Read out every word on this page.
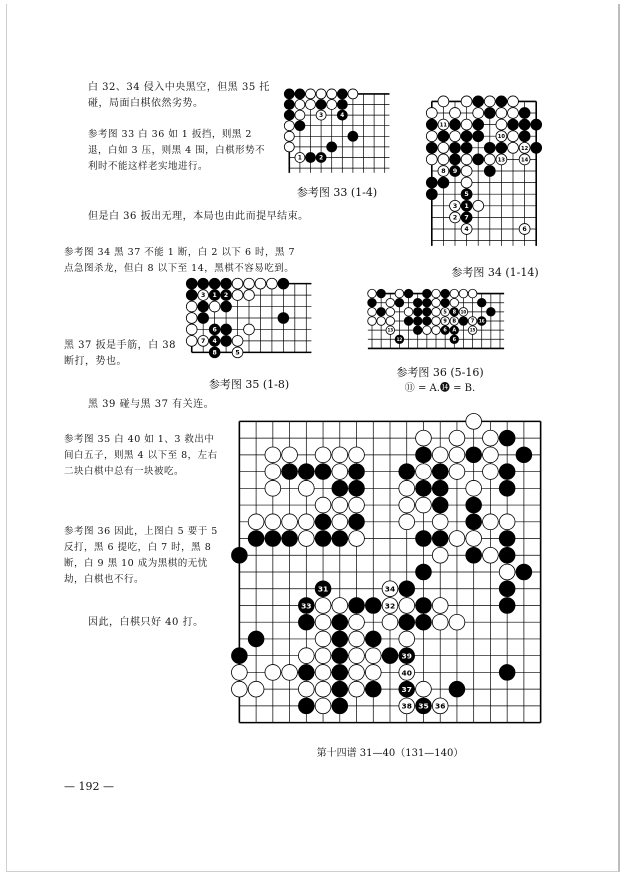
白 32、34 侵入中央黑空，但黑 35 托碰，局面白棋依然劣势。

参考图 33 白 36 如 1 扳挡，则黑 2 退，白如 3 压，则黑 4 围，白棋形势不利时不能这样老实地进行。

但是白 36 扳出无理，本局也由此而提早结束。

参考图 34 黑 37 不能 1 断，白 2 以下 6 时，黑 7 点急图杀龙，但白 8 以下至 14，黑棋不容易吃到。

黑 37 扳是手筋，白 38 断打，势也。

黑 39 碰与黑 37 有关连。

参考图 35 白 40 如 1、3 救出中间白五子，则黑 4 以下至 8，左右二块白棋中总有一块被吃。

参考图 36 因此，上图白 5 要于 5 反打，黑 6 提吃，白 7 时，黑 8 断，白 9 黑 10 成为黑棋的无忧劫，白棋也不行。

因此，白棋只好 40 打。

3	4
1	2
11
10
12
13	14
8 9
5
3 1
2 7
4	6
3 1 2
6
7 4
8	5
5 8 10
9 B	7 16
13	6 A	15
12	6
31	34
33	32
39
40
37
38 35 36
参考图 33 (1-4)
参考图 34 (1-14)
参考图 35 (1-8)
参考图 36 (5-16)
⑪ = A.⓮ = B.
第十四谱 31—40（131—140）
— 192 —
